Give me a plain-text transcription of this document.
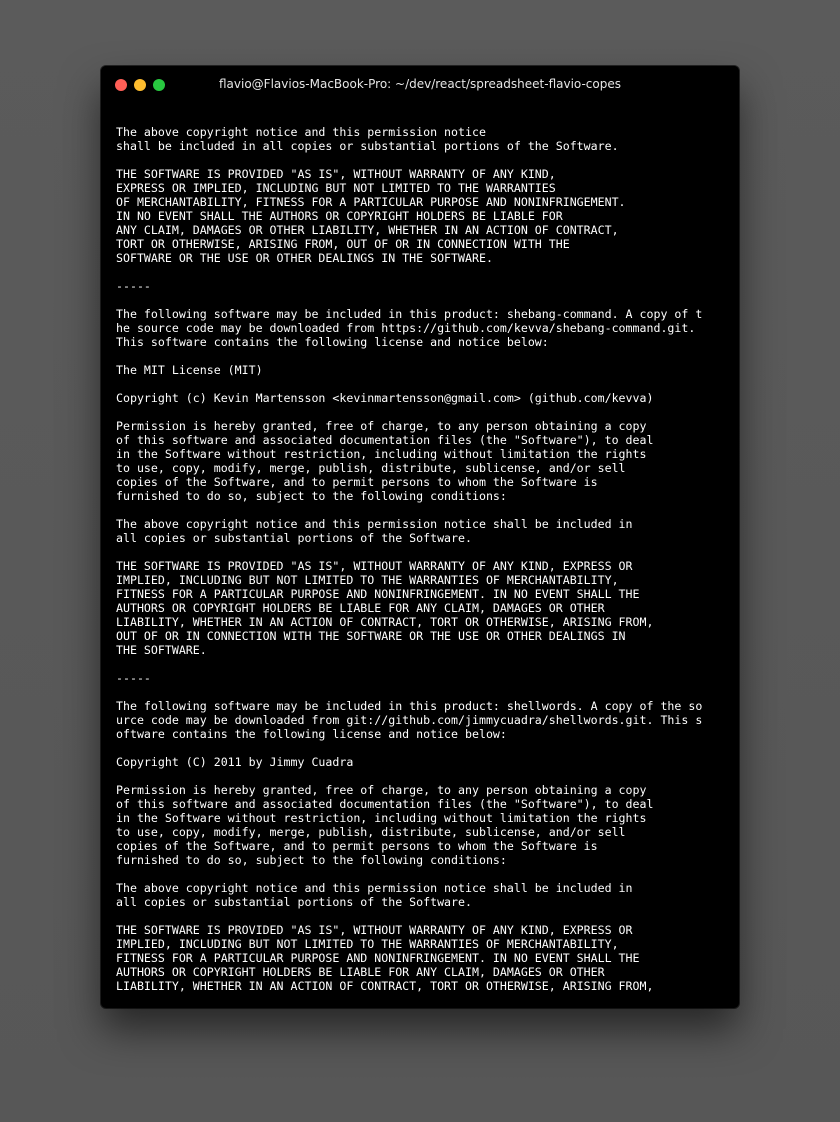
flavio@Flavios-MacBook-Pro: ~/dev/react/spreadsheet-flavio-copes
The above copyright notice and this permission notice
shall be included in all copies or substantial portions of the Software.
THE SOFTWARE IS PROVIDED "AS IS", WITHOUT WARRANTY OF ANY KIND,
EXPRESS OR IMPLIED, INCLUDING BUT NOT LIMITED TO THE WARRANTIES
OF MERCHANTABILITY, FITNESS FOR A PARTICULAR PURPOSE AND NONINFRINGEMENT.
IN NO EVENT SHALL THE AUTHORS OR COPYRIGHT HOLDERS BE LIABLE FOR
ANY CLAIM, DAMAGES OR OTHER LIABILITY, WHETHER IN AN ACTION OF CONTRACT,
TORT OR OTHERWISE, ARISING FROM, OUT OF OR IN CONNECTION WITH THE
SOFTWARE OR THE USE OR OTHER DEALINGS IN THE SOFTWARE.
-----
The following software may be included in this product: shebang-command. A copy of t
he source code may be downloaded from https://github.com/kevva/shebang-command.git.
This software contains the following license and notice below:
The MIT License (MIT)
Copyright (c) Kevin Martensson <kevinmartensson@gmail.com> (github.com/kevva)
Permission is hereby granted, free of charge, to any person obtaining a copy
of this software and associated documentation files (the "Software"), to deal
in the Software without restriction, including without limitation the rights
to use, copy, modify, merge, publish, distribute, sublicense, and/or sell
copies of the Software, and to permit persons to whom the Software is
furnished to do so, subject to the following conditions:
The above copyright notice and this permission notice shall be included in
all copies or substantial portions of the Software.
THE SOFTWARE IS PROVIDED "AS IS", WITHOUT WARRANTY OF ANY KIND, EXPRESS OR
IMPLIED, INCLUDING BUT NOT LIMITED TO THE WARRANTIES OF MERCHANTABILITY,
FITNESS FOR A PARTICULAR PURPOSE AND NONINFRINGEMENT. IN NO EVENT SHALL THE
AUTHORS OR COPYRIGHT HOLDERS BE LIABLE FOR ANY CLAIM, DAMAGES OR OTHER
LIABILITY, WHETHER IN AN ACTION OF CONTRACT, TORT OR OTHERWISE, ARISING FROM,
OUT OF OR IN CONNECTION WITH THE SOFTWARE OR THE USE OR OTHER DEALINGS IN
THE SOFTWARE.
-----
The following software may be included in this product: shellwords. A copy of the so
urce code may be downloaded from git://github.com/jimmycuadra/shellwords.git. This s
oftware contains the following license and notice below:
Copyright (C) 2011 by Jimmy Cuadra
Permission is hereby granted, free of charge, to any person obtaining a copy
of this software and associated documentation files (the "Software"), to deal
in the Software without restriction, including without limitation the rights
to use, copy, modify, merge, publish, distribute, sublicense, and/or sell
copies of the Software, and to permit persons to whom the Software is
furnished to do so, subject to the following conditions:
The above copyright notice and this permission notice shall be included in
all copies or substantial portions of the Software.
THE SOFTWARE IS PROVIDED "AS IS", WITHOUT WARRANTY OF ANY KIND, EXPRESS OR
IMPLIED, INCLUDING BUT NOT LIMITED TO THE WARRANTIES OF MERCHANTABILITY,
FITNESS FOR A PARTICULAR PURPOSE AND NONINFRINGEMENT. IN NO EVENT SHALL THE
AUTHORS OR COPYRIGHT HOLDERS BE LIABLE FOR ANY CLAIM, DAMAGES OR OTHER
LIABILITY, WHETHER IN AN ACTION OF CONTRACT, TORT OR OTHERWISE, ARISING FROM,
